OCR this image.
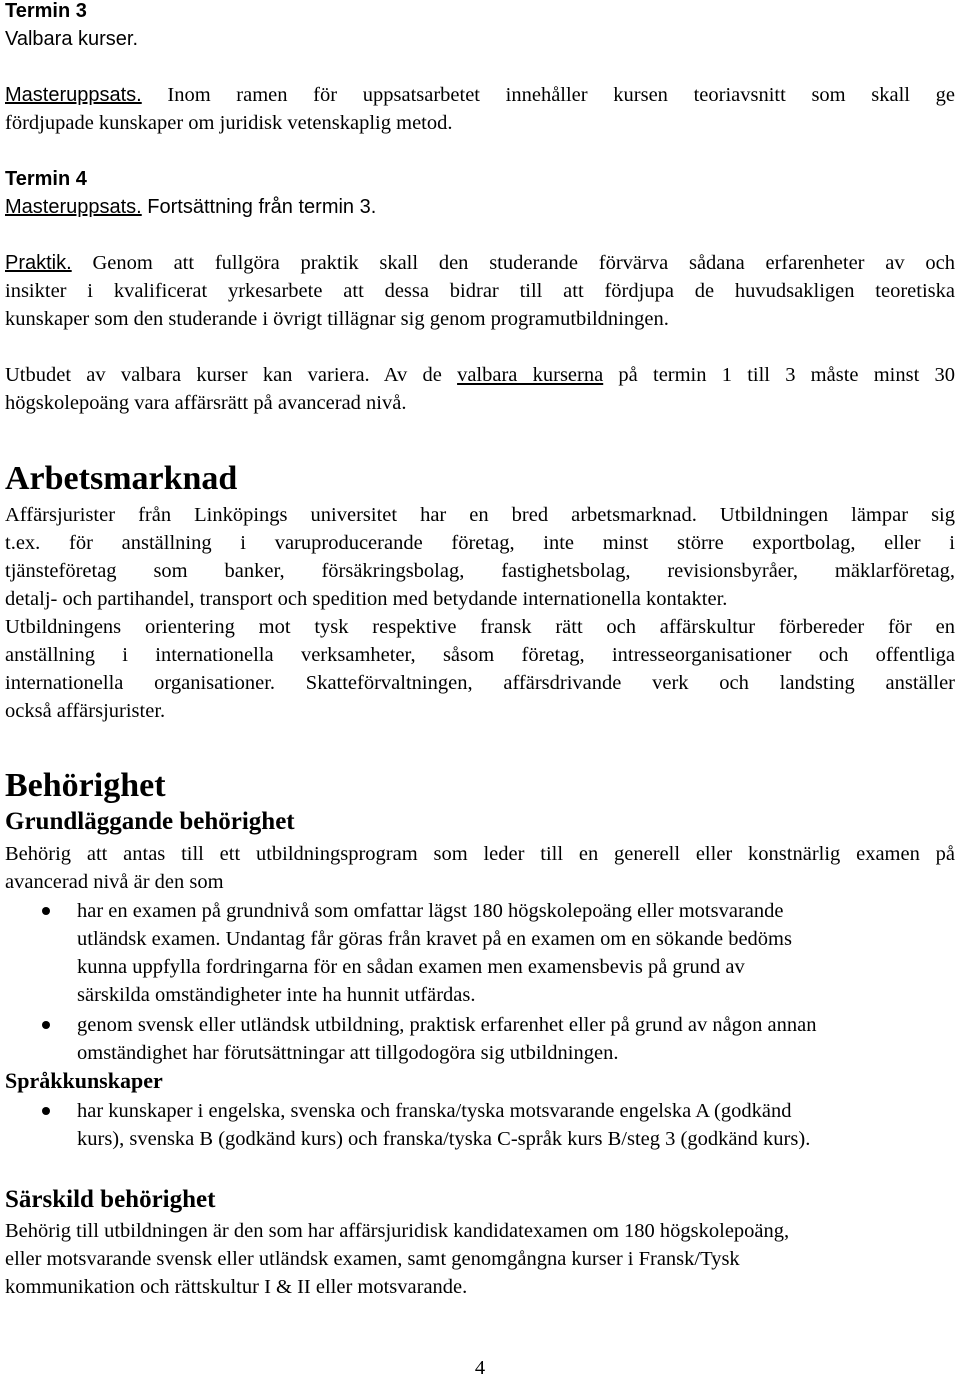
Termin 3
Valbara kurser.
Masteruppsats. Inom ramen för uppsatsarbetet innehåller kursen teoriavsnitt som skall ge
fördjupade kunskaper om juridisk vetenskaplig metod.
Termin 4
Masteruppsats. Fortsättning från termin 3.
Praktik. Genom att fullgöra praktik skall den studerande förvärva sådana erfarenheter av och
insikter i kvalificerat yrkesarbete att dessa bidrar till att fördjupa de huvudsakligen teoretiska
kunskaper som den studerande i övrigt tillägnar sig genom programutbildningen.
Utbudet av valbara kurser kan variera. Av de valbara kurserna på termin 1 till 3 måste minst 30
högskolepoäng vara affärsrätt på avancerad nivå.
Arbetsmarknad
Affärsjurister från Linköpings universitet har en bred arbetsmarknad. Utbildningen lämpar sig
t.ex. för anställning i varuproducerande företag, inte minst större exportbolag, eller i
tjänsteföretag som banker, försäkringsbolag, fastighetsbolag, revisionsbyråer, mäklarföretag,
detalj- och partihandel, transport och spedition med betydande internationella kontakter.
Utbildningens orientering mot tysk respektive fransk rätt och affärskultur förbereder för en
anställning i internationella verksamheter, såsom företag, intresseorganisationer och offentliga
internationella organisationer. Skatteförvaltningen, affärsdrivande verk och landsting anställer
också affärsjurister.
Behörighet
Grundläggande behörighet
Behörig att antas till ett utbildningsprogram som leder till en generell eller konstnärlig examen på
avancerad nivå är den som
har en examen på grundnivå som omfattar lägst 180 högskolepoäng eller motsvarande
utländsk examen. Undantag får göras från kravet på en examen om en sökande bedöms
kunna uppfylla fordringarna för en sådan examen men examensbevis på grund av
särskilda omständigheter inte ha hunnit utfärdas.
genom svensk eller utländsk utbildning, praktisk erfarenhet eller på grund av någon annan
omständighet har förutsättningar att tillgodogöra sig utbildningen.
Språkkunskaper
har kunskaper i engelska, svenska och franska/tyska motsvarande engelska A (godkänd
kurs), svenska B (godkänd kurs) och franska/tyska C-språk kurs B/steg 3 (godkänd kurs).
Särskild behörighet
Behörig till utbildningen är den som har affärsjuridisk kandidatexamen om 180 högskolepoäng,
eller motsvarande svensk eller utländsk examen, samt genomgångna kurser i Fransk/Tysk
kommunikation och rättskultur I & II eller motsvarande.
4
